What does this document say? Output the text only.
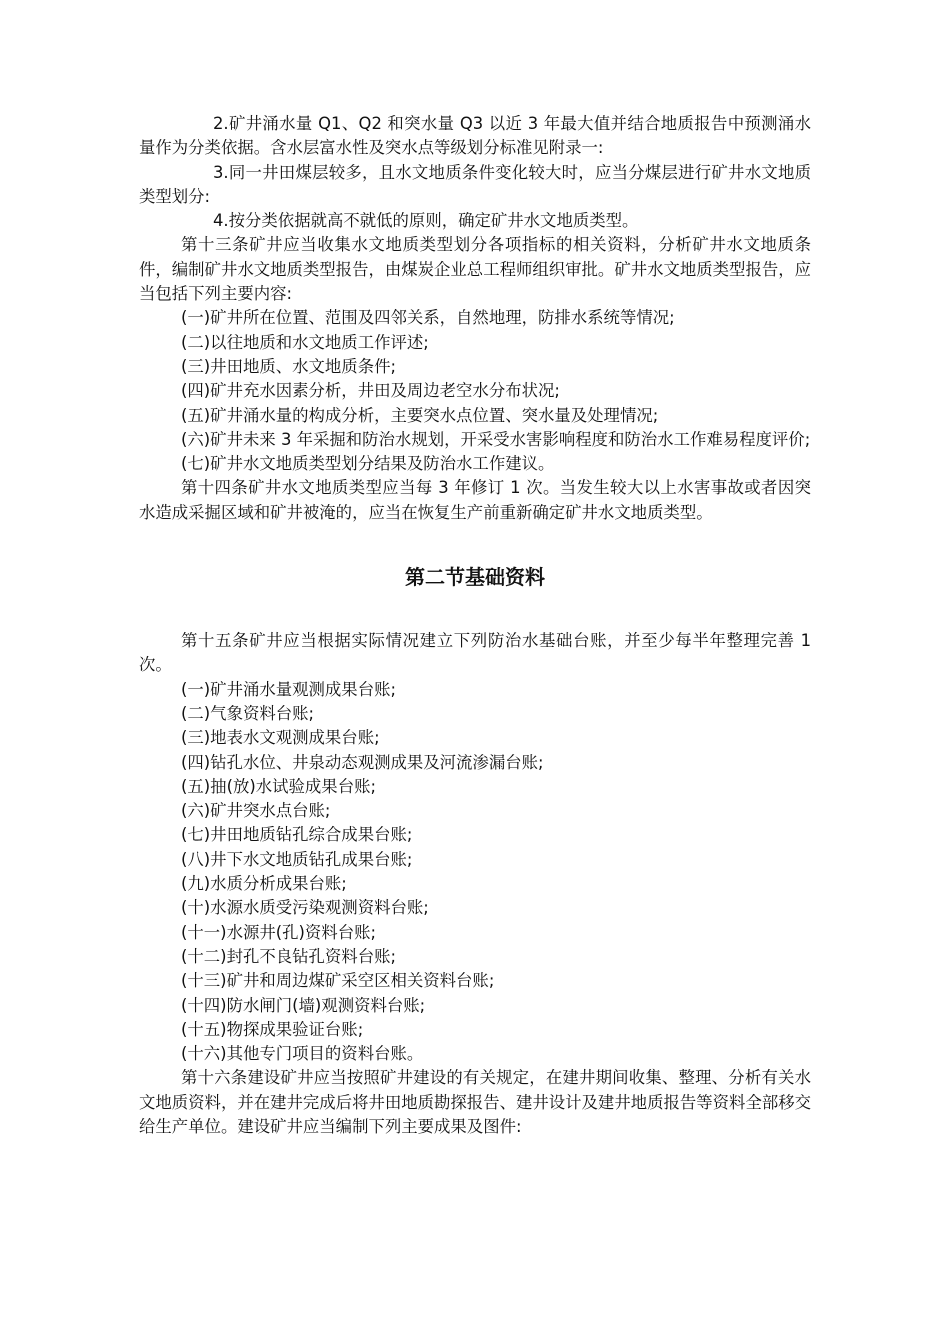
2.矿井涌水量 Q1、Q2 和突水量 Q3 以近 3 年最大值并结合地质报告中预测涌水量作为分类依据。含水层富水性及突水点等级划分标准见附录一:

3.同一井田煤层较多，且水文地质条件变化较大时，应当分煤层进行矿井水文地质类型划分:

4.按分类依据就高不就低的原则，确定矿井水文地质类型。

第十三条矿井应当收集水文地质类型划分各项指标的相关资料，分析矿井水文地质条件，编制矿井水文地质类型报告，由煤炭企业总工程师组织审批。矿井水文地质类型报告，应当包括下列主要内容:

(一)矿井所在位置、范围及四邻关系，自然地理，防排水系统等情况;

(二)以往地质和水文地质工作评述;

(三)井田地质、水文地质条件;

(四)矿井充水因素分析，井田及周边老空水分布状况;

(五)矿井涌水量的构成分析，主要突水点位置、突水量及处理情况;

(六)矿井未来 3 年采掘和防治水规划，开采受水害影响程度和防治水工作难易程度评价;

(七)矿井水文地质类型划分结果及防治水工作建议。

第十四条矿井水文地质类型应当每 3 年修订 1 次。当发生较大以上水害事故或者因突水造成采掘区域和矿井被淹的，应当在恢复生产前重新确定矿井水文地质类型。

第二节基础资料

第十五条矿井应当根据实际情况建立下列防治水基础台账，并至少每半年整理完善 1 次。

(一)矿井涌水量观测成果台账;

(二)气象资料台账;

(三)地表水文观测成果台账;

(四)钻孔水位、井泉动态观测成果及河流渗漏台账;

(五)抽(放)水试验成果台账;

(六)矿井突水点台账;

(七)井田地质钻孔综合成果台账;

(八)井下水文地质钻孔成果台账;

(九)水质分析成果台账;

(十)水源水质受污染观测资料台账;

(十一)水源井(孔)资料台账;

(十二)封孔不良钻孔资料台账;

(十三)矿井和周边煤矿采空区相关资料台账;

(十四)防水闸门(墙)观测资料台账;

(十五)物探成果验证台账;

(十六)其他专门项目的资料台账。

第十六条建设矿井应当按照矿井建设的有关规定，在建井期间收集、整理、分析有关水文地质资料，并在建井完成后将井田地质勘探报告、建井设计及建井地质报告等资料全部移交给生产单位。建设矿井应当编制下列主要成果及图件:
